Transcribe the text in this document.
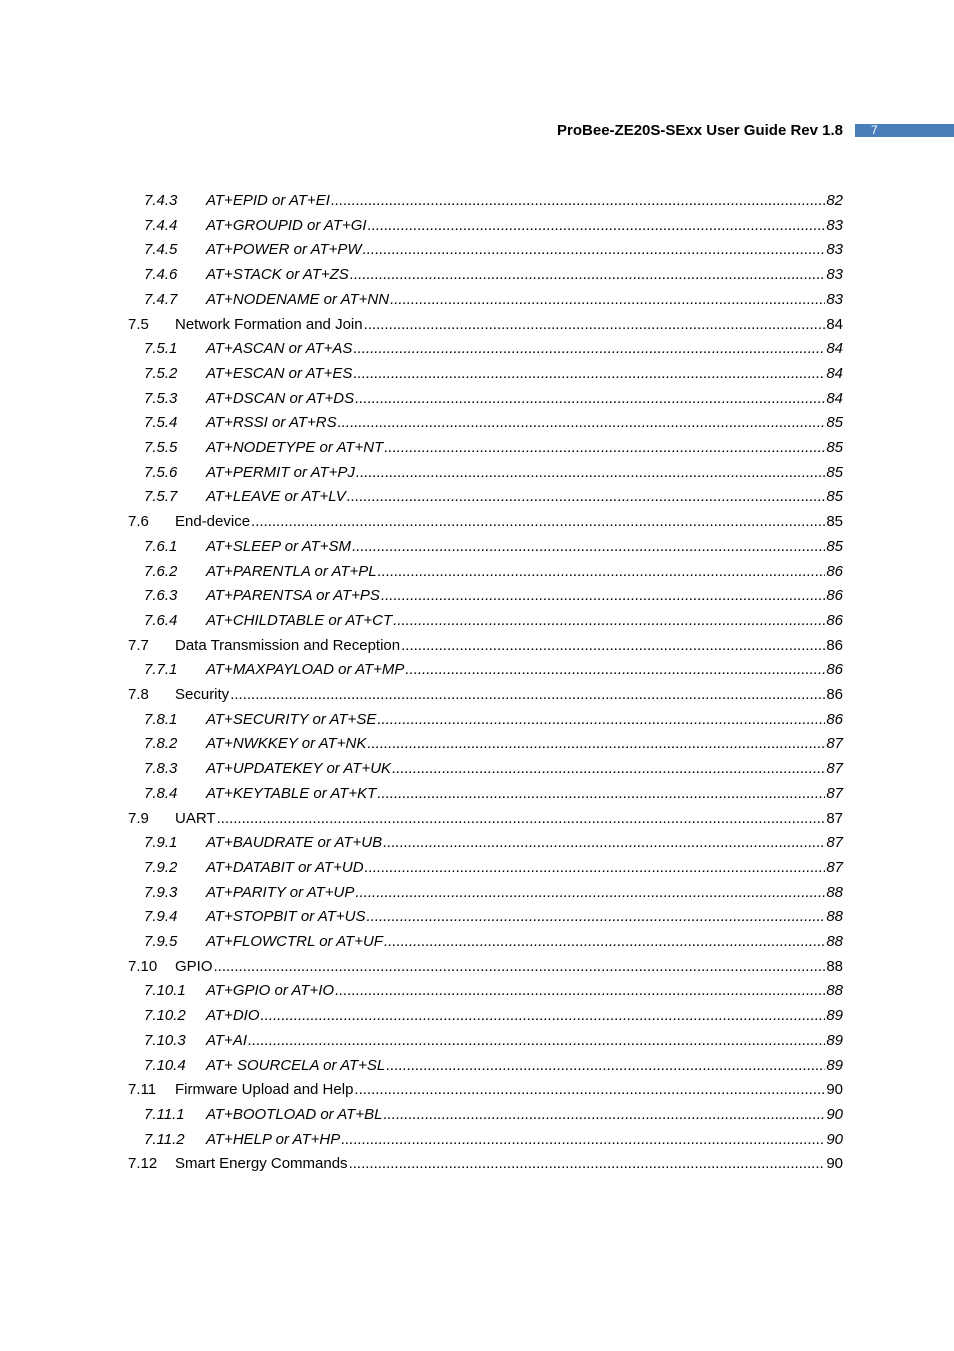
ProBee-ZE20S-SExx User Guide Rev 1.8 7
7.4.3	AT+EPID or AT+EI .....	82
7.4.4	AT+GROUPID or AT+GI .....	83
7.4.5	AT+POWER or AT+PW .....	83
7.4.6	AT+STACK or AT+ZS .....	83
7.4.7	AT+NODENAME or AT+NN .....	83
7.5	Network Formation and Join .....	84
7.5.1	AT+ASCAN or AT+AS .....	84
7.5.2	AT+ESCAN or AT+ES .....	84
7.5.3	AT+DSCAN or AT+DS .....	84
7.5.4	AT+RSSI or AT+RS .....	85
7.5.5	AT+NODETYPE or AT+NT .....	85
7.5.6	AT+PERMIT or AT+PJ .....	85
7.5.7	AT+LEAVE or AT+LV .....	85
7.6	End-device .....	85
7.6.1	AT+SLEEP or AT+SM .....	85
7.6.2	AT+PARENTLA or AT+PL .....	86
7.6.3	AT+PARENTSA or AT+PS .....	86
7.6.4	AT+CHILDTABLE or AT+CT .....	86
7.7	Data Transmission and Reception .....	86
7.7.1	AT+MAXPAYLOAD or AT+MP .....	86
7.8	Security .....	86
7.8.1	AT+SECURITY or AT+SE .....	86
7.8.2	AT+NWKKEY or AT+NK .....	87
7.8.3	AT+UPDATEKEY or AT+UK .....	87
7.8.4	AT+KEYTABLE or AT+KT .....	87
7.9	UART .....	87
7.9.1	AT+BAUDRATE or AT+UB .....	87
7.9.2	AT+DATABIT or AT+UD .....	87
7.9.3	AT+PARITY or AT+UP .....	88
7.9.4	AT+STOPBIT or AT+US .....	88
7.9.5	AT+FLOWCTRL or AT+UF .....	88
7.10	GPIO .....	88
7.10.1	AT+GPIO or AT+IO .....	88
7.10.2	AT+DIO .....	89
7.10.3	AT+AI .....	89
7.10.4	AT+ SOURCELA or AT+SL .....	89
7.11	Firmware Upload and Help .....	90
7.11.1	AT+BOOTLOAD or AT+BL .....	90
7.11.2	AT+HELP or AT+HP .....	90
7.12	Smart Energy Commands .....	90
